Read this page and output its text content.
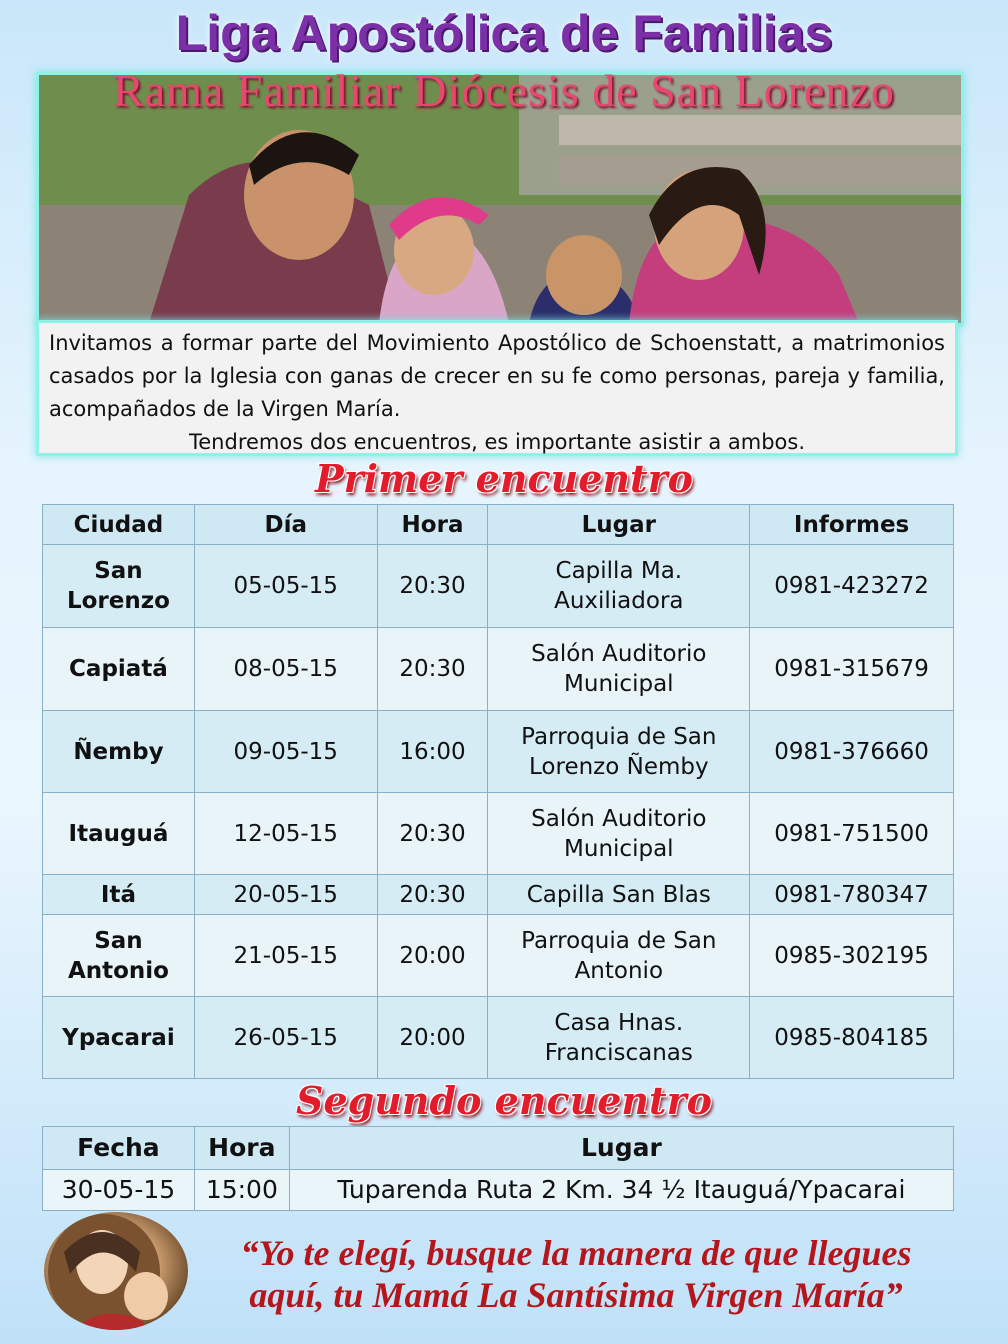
Liga Apostólica de Familias
Rama Familiar Diócesis de San Lorenzo

Invitamos a formar parte del Movimiento Apostólico de Schoenstatt, a matrimonios casados por la Iglesia con ganas de crecer en su fe como personas, pareja y familia, acompañados de la Virgen María.

Tendremos dos encuentros, es importante asistir a ambos.

Primer encuentro
Ciudad	Día	Hora	Lugar	Informes
San Lorenzo	05-05-15	20:30	Capilla Ma. Auxiliadora	0981-423272
Capiatá	08-05-15	20:30	Salón Auditorio Municipal	0981-315679
Ñemby	09-05-15	16:00	Parroquia de San Lorenzo Ñemby	0981-376660
Itauguá	12-05-15	20:30	Salón Auditorio Municipal	0981-751500
Itá	20-05-15	20:30	Capilla San Blas	0981-780347
San Antonio	21-05-15	20:00	Parroquia de San Antonio	0985-302195
Ypacarai	26-05-15	20:00	Casa Hnas. Franciscanas	0985-804185
Segundo encuentro
Fecha	Hora	Lugar
30-05-15	15:00	Tuparenda Ruta 2 Km. 34 ½ Itauguá/Ypacarai
“Yo te elegí, busque la manera de que llegues
aquí, tu Mamá La Santísima Virgen María”
